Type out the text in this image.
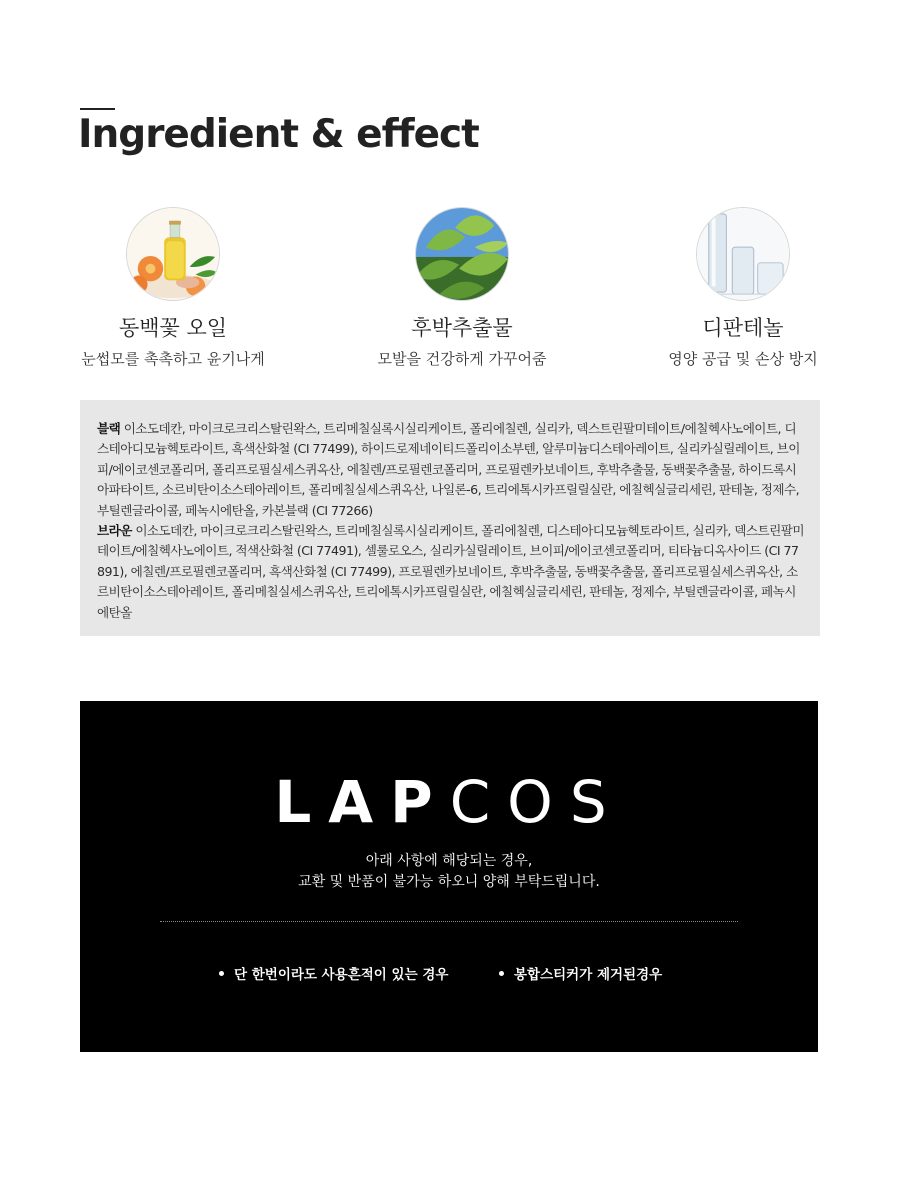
Ingredient & effect
동백꽃 오일
눈썹모를 촉촉하고 윤기나게
후박추출물
모발을 건강하게 가꾸어줌
디판테놀
영양 공급 및 손상 방지

블랙 이소도데칸, 마이크로크리스탈린왁스, 트리메칠실록시실리케이트, 폴리에칠렌, 실리카, 덱스트린팔미테이트/에칠헥사노에이트, 디스테아디모늄헥토라이트, 흑색산화철 (CI 77499), 하이드로제네이티드폴리이소부텐, 알루미늄디스테아레이트, 실리카실릴레이트, 브이피/에이코센코폴리머, 폴리프로필실세스퀴옥산, 에칠렌/프로필렌코폴리머, 프로필렌카보네이트, 후박추출물, 동백꽃추출물, 하이드록시아파타이트, 소르비탄이소스테아레이트, 폴리메칠실세스퀴옥산, 나일론-6, 트리에톡시카프릴릴실란, 에칠헥실글리세린, 판테놀, 정제수, 부틸렌글라이콜, 페녹시에탄올, 카본블랙 (CI 77266)
브라운 이소도데칸, 마이크로크리스탈린왁스, 트리메칠실록시실리케이트, 폴리에칠렌, 디스테아디모늄헥토라이트, 실리카, 덱스트린팔미테이트/에칠헥사노에이트, 적색산화철 (CI 77491), 셀룰로오스, 실리카실릴레이트, 브이피/에이코센코폴리머, 티타늄디옥사이드 (CI 77891), 에칠렌/프로필렌코폴리머, 흑색산화철 (CI 77499), 프로필렌카보네이트, 후박추출물, 동백꽃추출물, 폴리프로필실세스퀴옥산, 소르비탄이소스테아레이트, 폴리메칠실세스퀴옥산, 트리에톡시카프릴릴실란, 에칠헥실글리세린, 판테놀, 정제수, 부틸렌글라이콜, 페녹시에탄올

LAPCOS
아래 사항에 해당되는 경우,
교환 및 반품이 불가능 하오니 양해 부탁드립니다.
단 한번이라도 사용흔적이 있는 경우	봉합스티커가 제거된경우
